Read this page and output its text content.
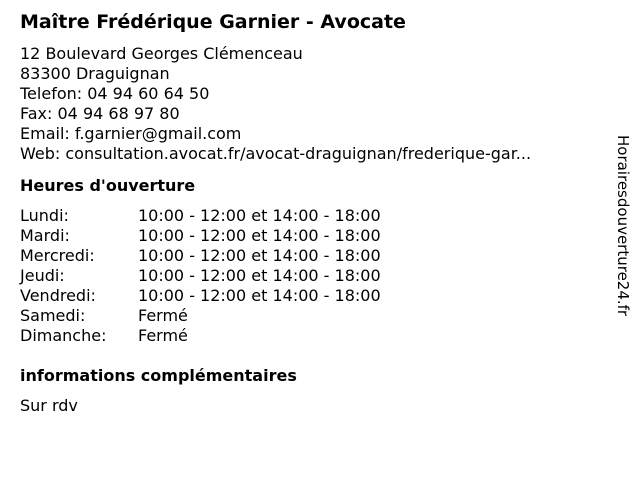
Maître Frédérique Garnier - Avocate
12 Boulevard Georges Clémenceau
83300 Draguignan
Telefon: 04 94 60 64 50
Fax: 04 94 68 97 80
Email: f.garnier@gmail.com
Web: consultation.avocat.fr/avocat-draguignan/frederique-gar...
Heures d'ouverture
Lundi:	10:00 - 12:00 et 14:00 - 18:00
Mardi:	10:00 - 12:00 et 14:00 - 18:00
Mercredi:	10:00 - 12:00 et 14:00 - 18:00
Jeudi:	10:00 - 12:00 et 14:00 - 18:00
Vendredi:	10:00 - 12:00 et 14:00 - 18:00
Samedi:	Fermé
Dimanche:	Fermé
informations complémentaires
Sur rdv
Horairesdouverture24.fr
